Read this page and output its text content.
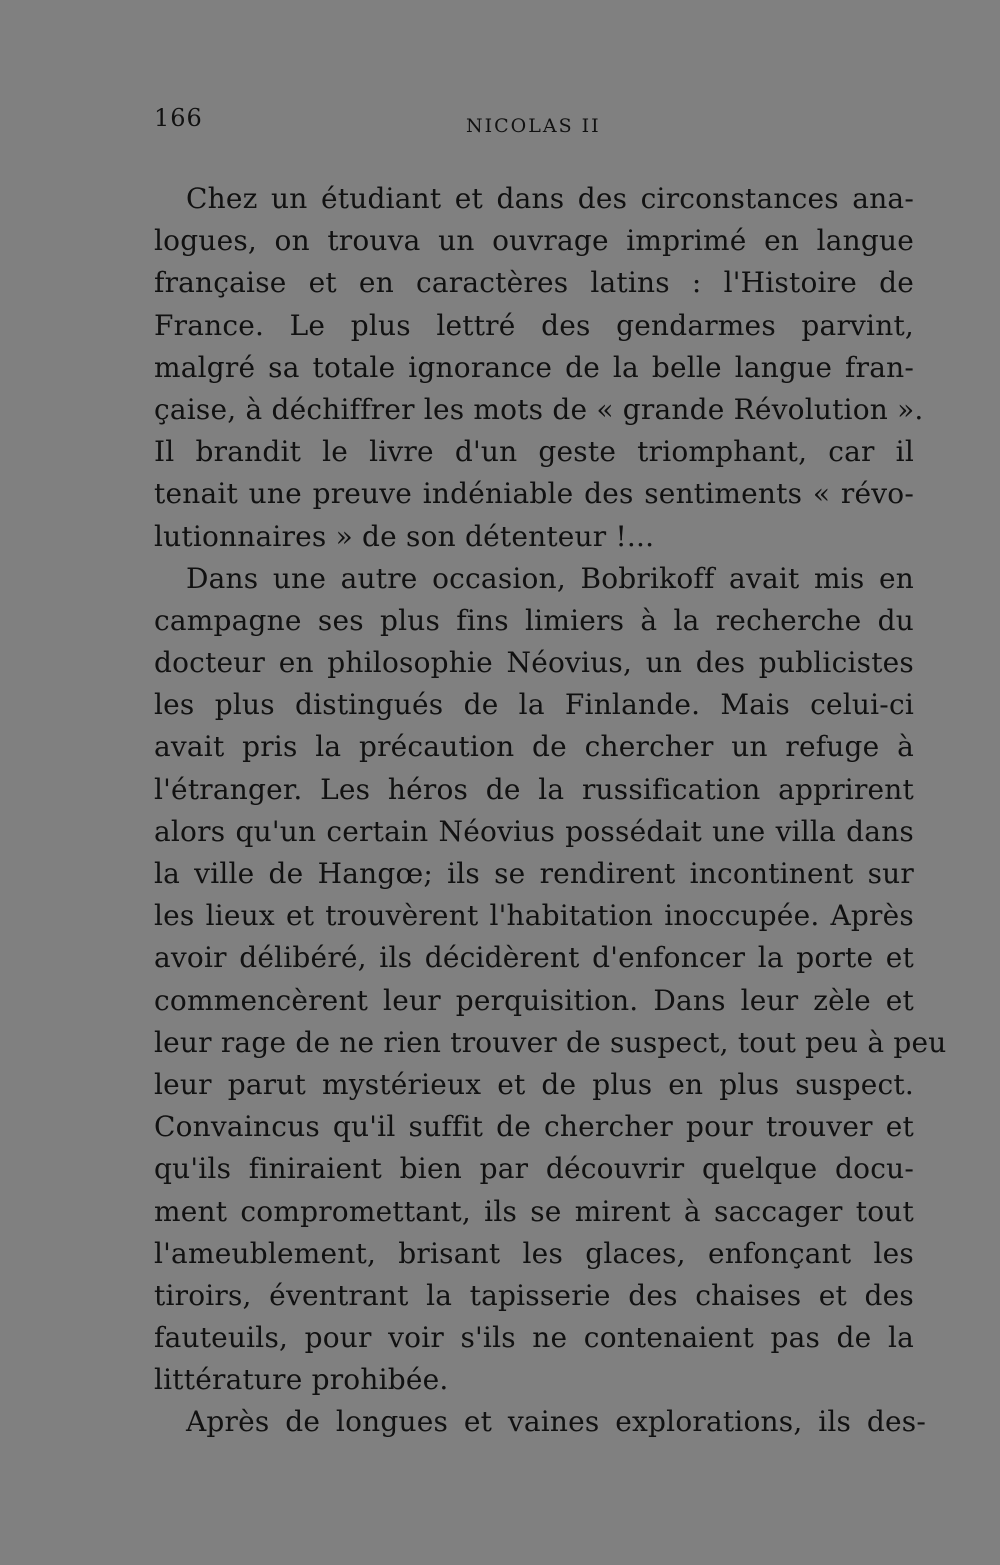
166	NICOLAS II
Chez un étudiant et dans des circonstances ana-
logues, on trouva un ouvrage imprimé en langue
française et en caractères latins : l'Histoire de
France. Le plus lettré des gendarmes parvint,
malgré sa totale ignorance de la belle langue fran-
çaise, à déchiffrer les mots de « grande Révolution ».
Il brandit le livre d'un geste triomphant, car il
tenait une preuve indéniable des sentiments « révo-
lutionnaires » de son détenteur !...
Dans une autre occasion, Bobrikoff avait mis en
campagne ses plus fins limiers à la recherche du
docteur en philosophie Néovius, un des publicistes
les plus distingués de la Finlande. Mais celui-ci
avait pris la précaution de chercher un refuge à
l'étranger. Les héros de la russification apprirent
alors qu'un certain Néovius possédait une villa dans
la ville de Hangœ; ils se rendirent incontinent sur
les lieux et trouvèrent l'habitation inoccupée. Après
avoir délibéré, ils décidèrent d'enfoncer la porte et
commencèrent leur perquisition. Dans leur zèle et
leur rage de ne rien trouver de suspect, tout peu à peu
leur parut mystérieux et de plus en plus suspect.
Convaincus qu'il suffit de chercher pour trouver et
qu'ils finiraient bien par découvrir quelque docu-
ment compromettant, ils se mirent à saccager tout
l'ameublement, brisant les glaces, enfonçant les
tiroirs, éventrant la tapisserie des chaises et des
fauteuils, pour voir s'ils ne contenaient pas de la
littérature prohibée.
Après de longues et vaines explorations, ils des-
